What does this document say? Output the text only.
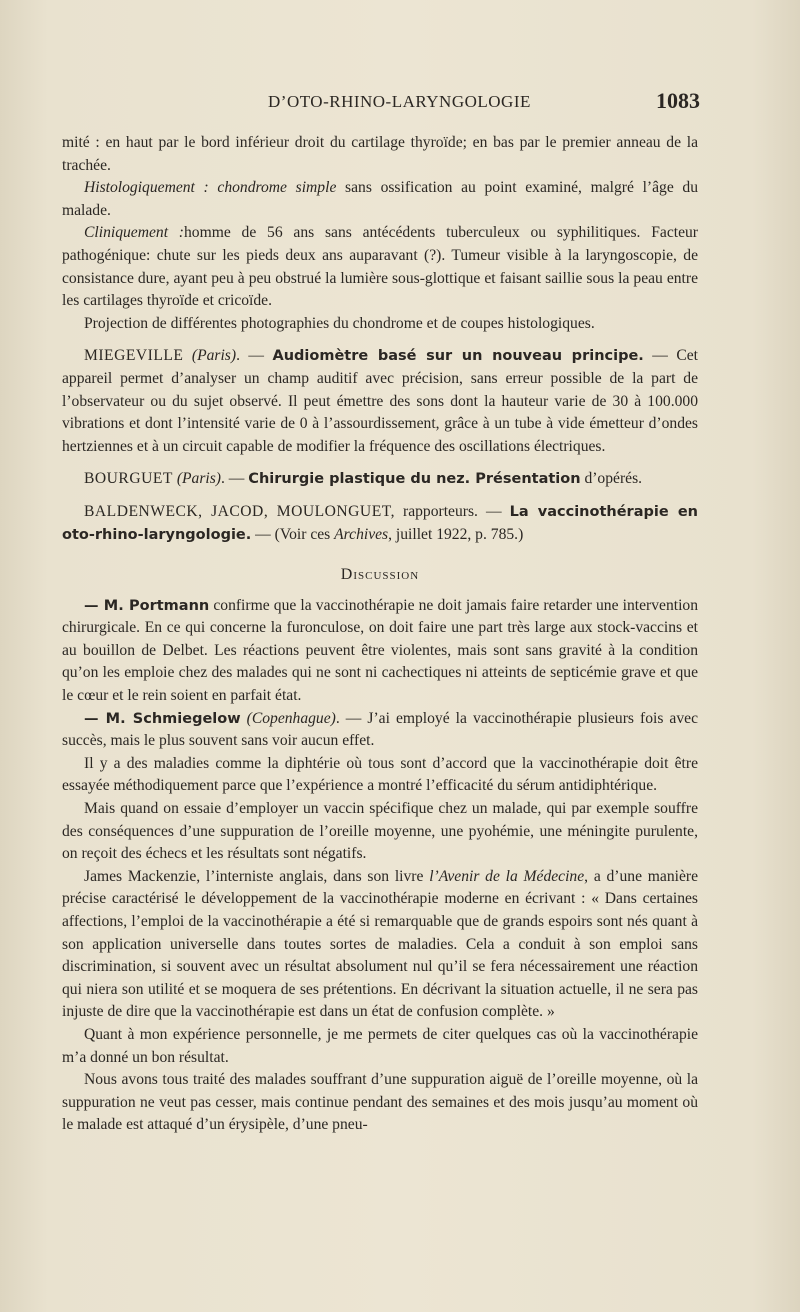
D’OTO-RHINO-LARYNGOLOGIE	1083

mité : en haut par le bord inférieur droit du cartilage thyroïde; en bas par le premier anneau de la trachée.

Histologiquement : chondrome simple sans ossification au point examiné, malgré l’âge du malade.

Cliniquement :homme de 56 ans sans antécédents tuberculeux ou syphilitiques. Facteur pathogénique: chute sur les pieds deux ans auparavant (?). Tumeur visible à la laryngoscopie, de consistance dure, ayant peu à peu obstrué la lumière sous-glottique et faisant saillie sous la peau entre les cartilages thyroïde et cricoïde.

Projection de différentes photographies du chondrome et de coupes histologiques.

MIEGEVILLE (Paris). — Audiomètre basé sur un nouveau principe. — Cet appareil permet d’analyser un champ auditif avec précision, sans erreur possible de la part de l’observateur ou du sujet observé. Il peut émettre des sons dont la hauteur varie de 30 à 100.000 vibrations et dont l’intensité varie de 0 à l’assourdissement, grâce à un tube à vide émetteur d’ondes hertziennes et à un circuit capable de modifier la fréquence des oscillations électriques.

BOURGUET (Paris). — Chirurgie plastique du nez. Présentation d’opérés.

BALDENWECK, JACOD, MOULONGUET, rapporteurs. — La vaccinothérapie en oto-rhino-laryngologie. — (Voir ces Archives, juillet 1922, p. 785.)

Discussion

— M. Portmann confirme que la vaccinothérapie ne doit jamais faire retarder une intervention chirurgicale. En ce qui concerne la furonculose, on doit faire une part très large aux stock-vaccins et au bouillon de Delbet. Les réactions peuvent être violentes, mais sont sans gravité à la condition qu’on les emploie chez des malades qui ne sont ni cachectiques ni atteints de septicémie grave et que le cœur et le rein soient en parfait état.

— M. Schmiegelow (Copenhague). — J’ai employé la vaccinothérapie plusieurs fois avec succès, mais le plus souvent sans voir aucun effet.

Il y a des maladies comme la diphtérie où tous sont d’accord que la vaccinothérapie doit être essayée méthodiquement parce que l’expérience a montré l’efficacité du sérum antidiphtérique.

Mais quand on essaie d’employer un vaccin spécifique chez un malade, qui par exemple souffre des conséquences d’une suppuration de l’oreille moyenne, une pyohémie, une méningite purulente, on reçoit des échecs et les résultats sont négatifs.

James Mackenzie, l’interniste anglais, dans son livre l’Avenir de la Médecine, a d’une manière précise caractérisé le développement de la vaccinothérapie moderne en écrivant : « Dans certaines affections, l’emploi de la vaccinothérapie a été si remarquable que de grands espoirs sont nés quant à son application universelle dans toutes sortes de maladies. Cela a conduit à son emploi sans discrimination, si souvent avec un résultat absolument nul qu’il se fera nécessairement une réaction qui niera son utilité et se moquera de ses prétentions. En décrivant la situation actuelle, il ne sera pas injuste de dire que la vaccinothérapie est dans un état de confusion complète. »

Quant à mon expérience personnelle, je me permets de citer quelques cas où la vaccinothérapie m’a donné un bon résultat.

Nous avons tous traité des malades souffrant d’une suppuration aiguë de l’oreille moyenne, où la suppuration ne veut pas cesser, mais continue pendant des semaines et des mois jusqu’au moment où le malade est attaqué d’un érysipèle, d’une pneu-
